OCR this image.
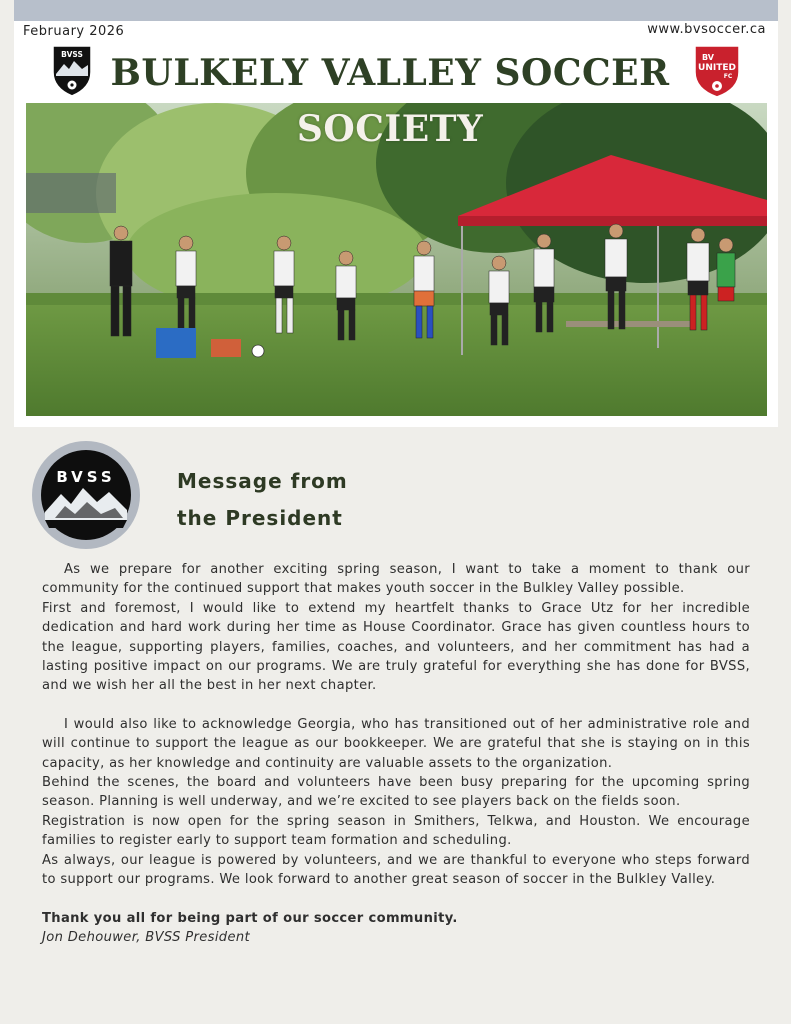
February 2026	www.bvsoccer.ca
BVSS	BV
UNITED
FC
BULKELY VALLEY SOCCER
SOCIETY
BVSS	Message from
the President

As we prepare for another exciting spring season, I want to take a moment to thank our community for the continued support that makes youth soccer in the Bulkley Valley possible.

First and foremost, I would like to extend my heartfelt thanks to Grace Utz for her incredible dedication and hard work during her time as House Coordinator. Grace has given countless hours to the league, supporting players, families, coaches, and volunteers, and her commitment has had a lasting positive impact on our programs. We are truly grateful for everything she has done for BVSS, and we wish her all the best in her next chapter.

I would also like to acknowledge Georgia, who has transitioned out of her administrative role and will continue to support the league as our bookkeeper. We are grateful that she is staying on in this capacity, as her knowledge and continuity are valuable assets to the organization.

Behind the scenes, the board and volunteers have been busy preparing for the upcoming spring season. Planning is well underway, and we’re excited to see players back on the fields soon.

Registration is now open for the spring season in Smithers, Telkwa, and Houston. We encourage families to register early to support team formation and scheduling.

As always, our league is powered by volunteers, and we are thankful to everyone who steps forward to support our programs. We look forward to another great season of soccer in the Bulkley Valley.

Thank you all for being part of our soccer community.

Jon Dehouwer, BVSS President
